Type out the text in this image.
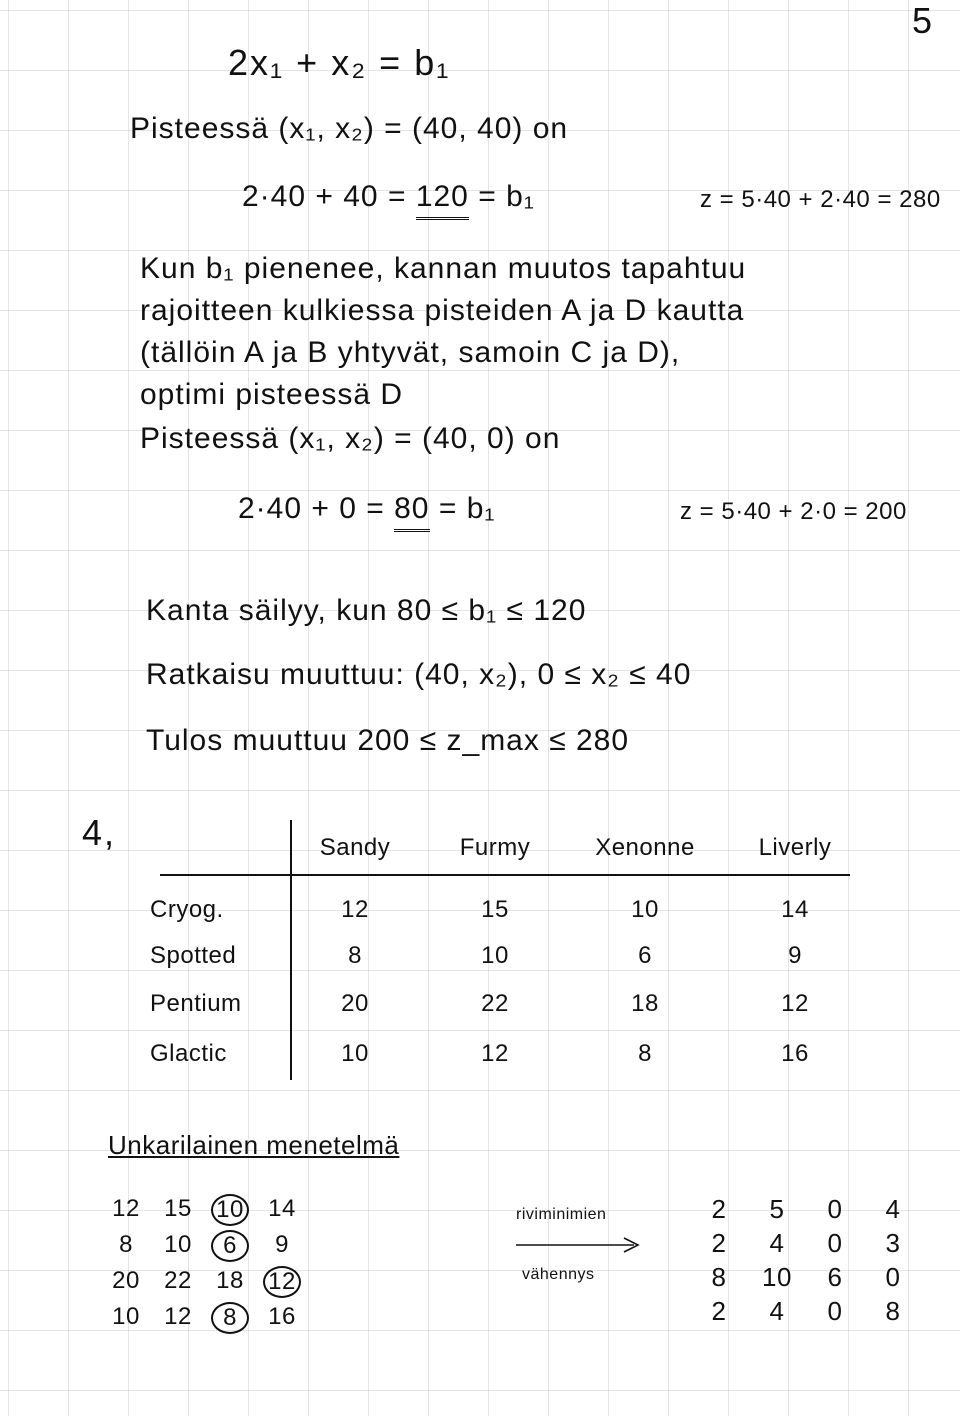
5
2x₁ + x₂ = b₁
Pisteessä (x₁, x₂) = (40, 40) on
2·40 + 40 = 120 = b₁	z = 5·40 + 2·40 = 280
Kun b₁ pienenee, kannan muutos tapahtuu
rajoitteen kulkiessa pisteiden A ja D kautta
(tällöin A ja B yhtyvät, samoin C ja D),
optimi pisteessä D
Pisteessä (x₁, x₂) = (40, 0) on
2·40 + 0 = 80 = b₁	z = 5·40 + 2·0 = 200
Kanta säilyy, kun 80 ≤ b₁ ≤ 120
Ratkaisu muuttuu: (40, x₂), 0 ≤ x₂ ≤ 40
Tulos muuttuu 200 ≤ z_max ≤ 280
4,	Sandy	Furmy	Xenonne	Liverly
Cryog.	12	15	10	14
Spotted	8	10	6	9
Pentium	20	22	18	12
Glactic	10	12	8	16
Unkarilainen menetelmä
12	15	10	14
8	10	6	9
20	22	18	12
10	12	8	16
riviminimien
vähennys
2	5	0	4
2	4	0	3
8	10	6	0
2	4	0	8
